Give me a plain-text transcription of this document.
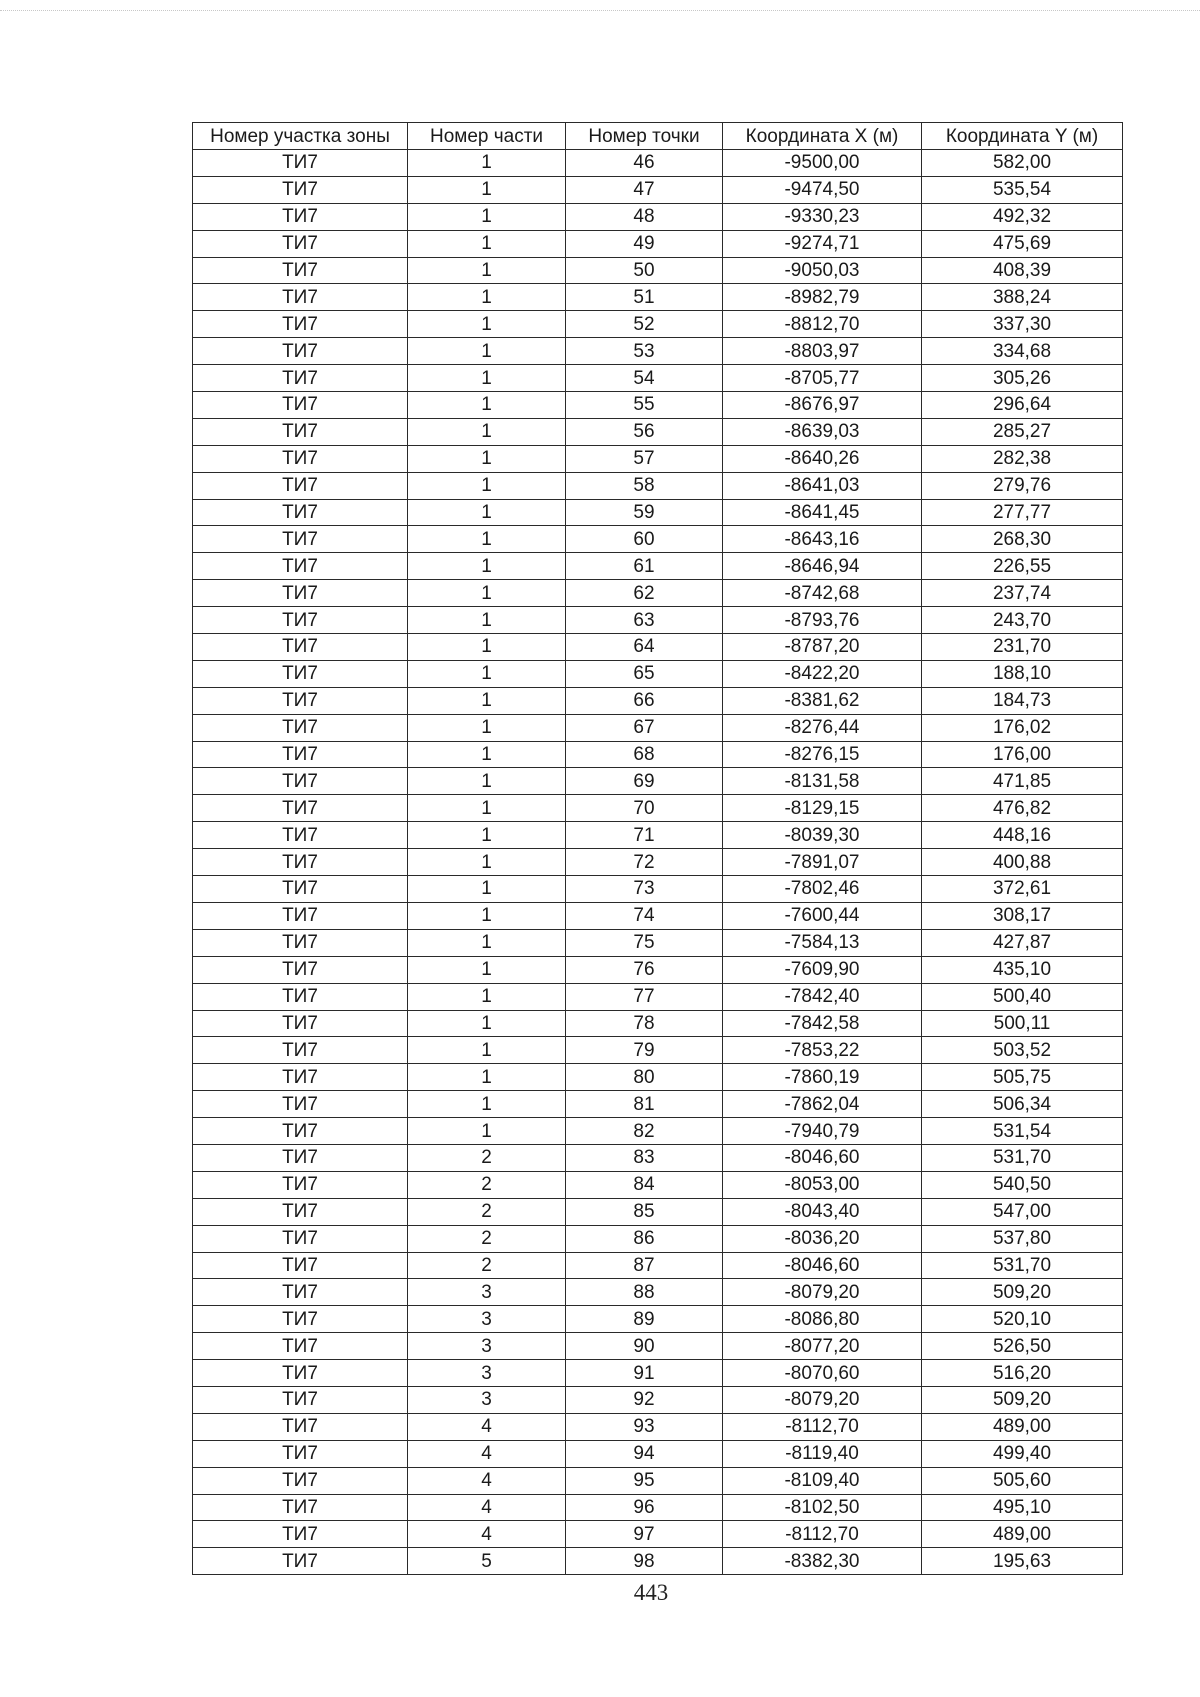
Номер участка зоны	Номер части	Номер точки	Координата X (м)	Координата Y (м)
ТИ7	1	46	-9500,00	582,00
ТИ7	1	47	-9474,50	535,54
ТИ7	1	48	-9330,23	492,32
ТИ7	1	49	-9274,71	475,69
ТИ7	1	50	-9050,03	408,39
ТИ7	1	51	-8982,79	388,24
ТИ7	1	52	-8812,70	337,30
ТИ7	1	53	-8803,97	334,68
ТИ7	1	54	-8705,77	305,26
ТИ7	1	55	-8676,97	296,64
ТИ7	1	56	-8639,03	285,27
ТИ7	1	57	-8640,26	282,38
ТИ7	1	58	-8641,03	279,76
ТИ7	1	59	-8641,45	277,77
ТИ7	1	60	-8643,16	268,30
ТИ7	1	61	-8646,94	226,55
ТИ7	1	62	-8742,68	237,74
ТИ7	1	63	-8793,76	243,70
ТИ7	1	64	-8787,20	231,70
ТИ7	1	65	-8422,20	188,10
ТИ7	1	66	-8381,62	184,73
ТИ7	1	67	-8276,44	176,02
ТИ7	1	68	-8276,15	176,00
ТИ7	1	69	-8131,58	471,85
ТИ7	1	70	-8129,15	476,82
ТИ7	1	71	-8039,30	448,16
ТИ7	1	72	-7891,07	400,88
ТИ7	1	73	-7802,46	372,61
ТИ7	1	74	-7600,44	308,17
ТИ7	1	75	-7584,13	427,87
ТИ7	1	76	-7609,90	435,10
ТИ7	1	77	-7842,40	500,40
ТИ7	1	78	-7842,58	500,11
ТИ7	1	79	-7853,22	503,52
ТИ7	1	80	-7860,19	505,75
ТИ7	1	81	-7862,04	506,34
ТИ7	1	82	-7940,79	531,54
ТИ7	2	83	-8046,60	531,70
ТИ7	2	84	-8053,00	540,50
ТИ7	2	85	-8043,40	547,00
ТИ7	2	86	-8036,20	537,80
ТИ7	2	87	-8046,60	531,70
ТИ7	3	88	-8079,20	509,20
ТИ7	3	89	-8086,80	520,10
ТИ7	3	90	-8077,20	526,50
ТИ7	3	91	-8070,60	516,20
ТИ7	3	92	-8079,20	509,20
ТИ7	4	93	-8112,70	489,00
ТИ7	4	94	-8119,40	499,40
ТИ7	4	95	-8109,40	505,60
ТИ7	4	96	-8102,50	495,10
ТИ7	4	97	-8112,70	489,00
ТИ7	5	98	-8382,30	195,63
443
